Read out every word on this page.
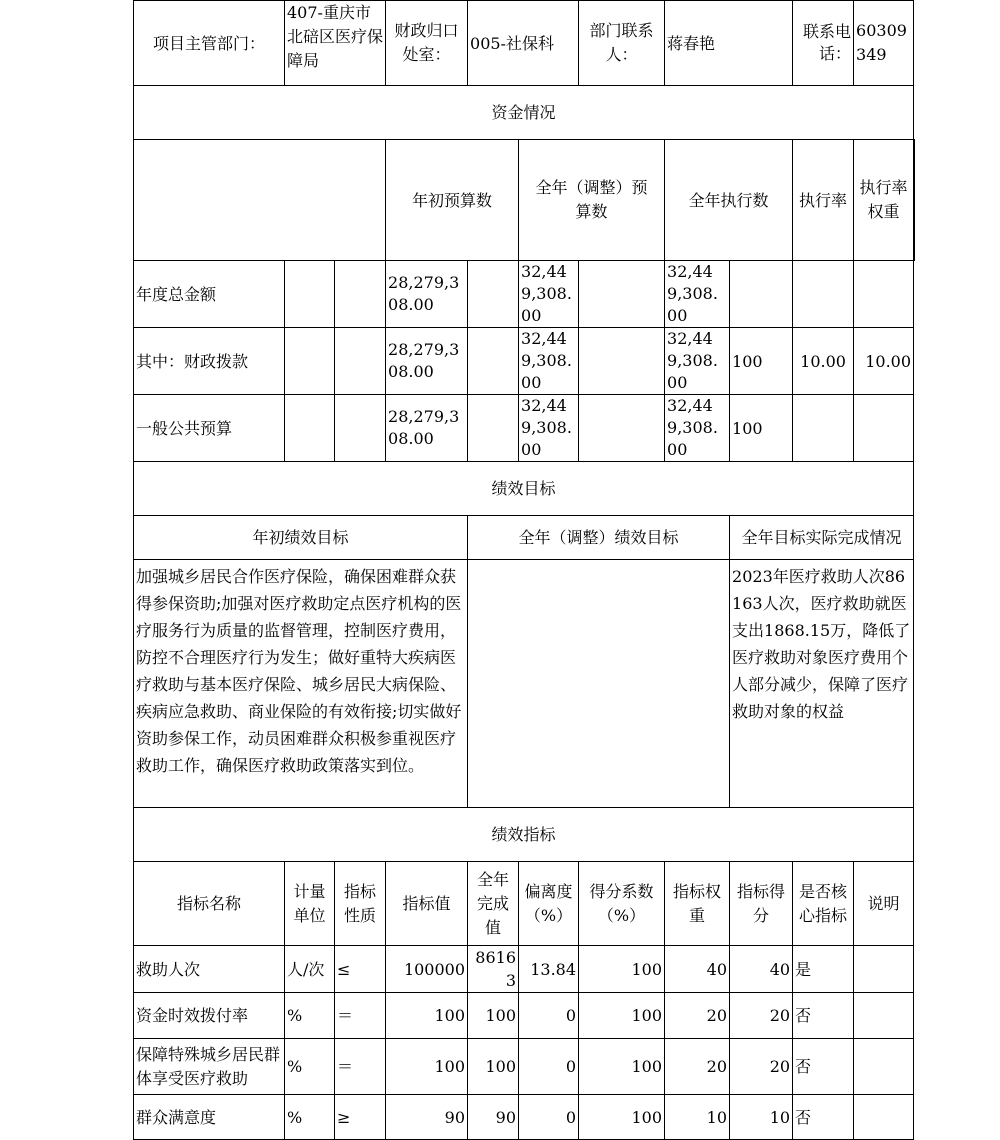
项目主管部门：	407-重庆市北碚区医疗保障局		财政归口处室：	005-社保科		部门联系人：	蒋春艳		联系电话：	60309349	
资金情况											
			年初预算数		全年（调整）预算数		全年执行数		执行率	执行率权重	
年度总金额			28,279,308.00		32,449,308.00		32,449,308.00				
其中：财政拨款			28,279,308.00		32,449,308.00		32,449,308.00	100	10.00	10.00	
一般公共预算			28,279,308.00		32,449,308.00		32,449,308.00	100			
绩效目标											
年初绩效目标				全年（调整）绩效目标				全年目标实际完成情况			
加强城乡居民合作医疗保险，确保困难群众获得参保资助;加强对医疗救助定点医疗机构的医疗服务行为质量的监督管理，控制医疗费用，防控不合理医疗行为发生；做好重特大疾病医疗救助与基本医疗保险、城乡居民大病保险、疾病应急救助、商业保险的有效衔接;切实做好资助参保工作，动员困难群众积极参重视医疗救助工作，确保医疗救助政策落实到位。								2023年医疗救助人次86163人次，医疗救助就医支出1868.15万，降低了医疗救助对象医疗费用个人部分减少，保障了医疗救助对象的权益			
绩效指标											
指标名称	计量单位	指标性质	指标值	全年完成值	偏离度（%）	得分系数（%）	指标权重	指标得分	是否核心指标	说明	
救助人次	人/次	≤	100000	86163	13.84	100	40	40	是		
资金时效拨付率	%	＝	100	100	0	100	20	20	否		
保障特殊城乡居民群体享受医疗救助	%	＝	100	100	0	100	20	20	否		
群众满意度	%	≥	90	90	0	100	10	10	否		
